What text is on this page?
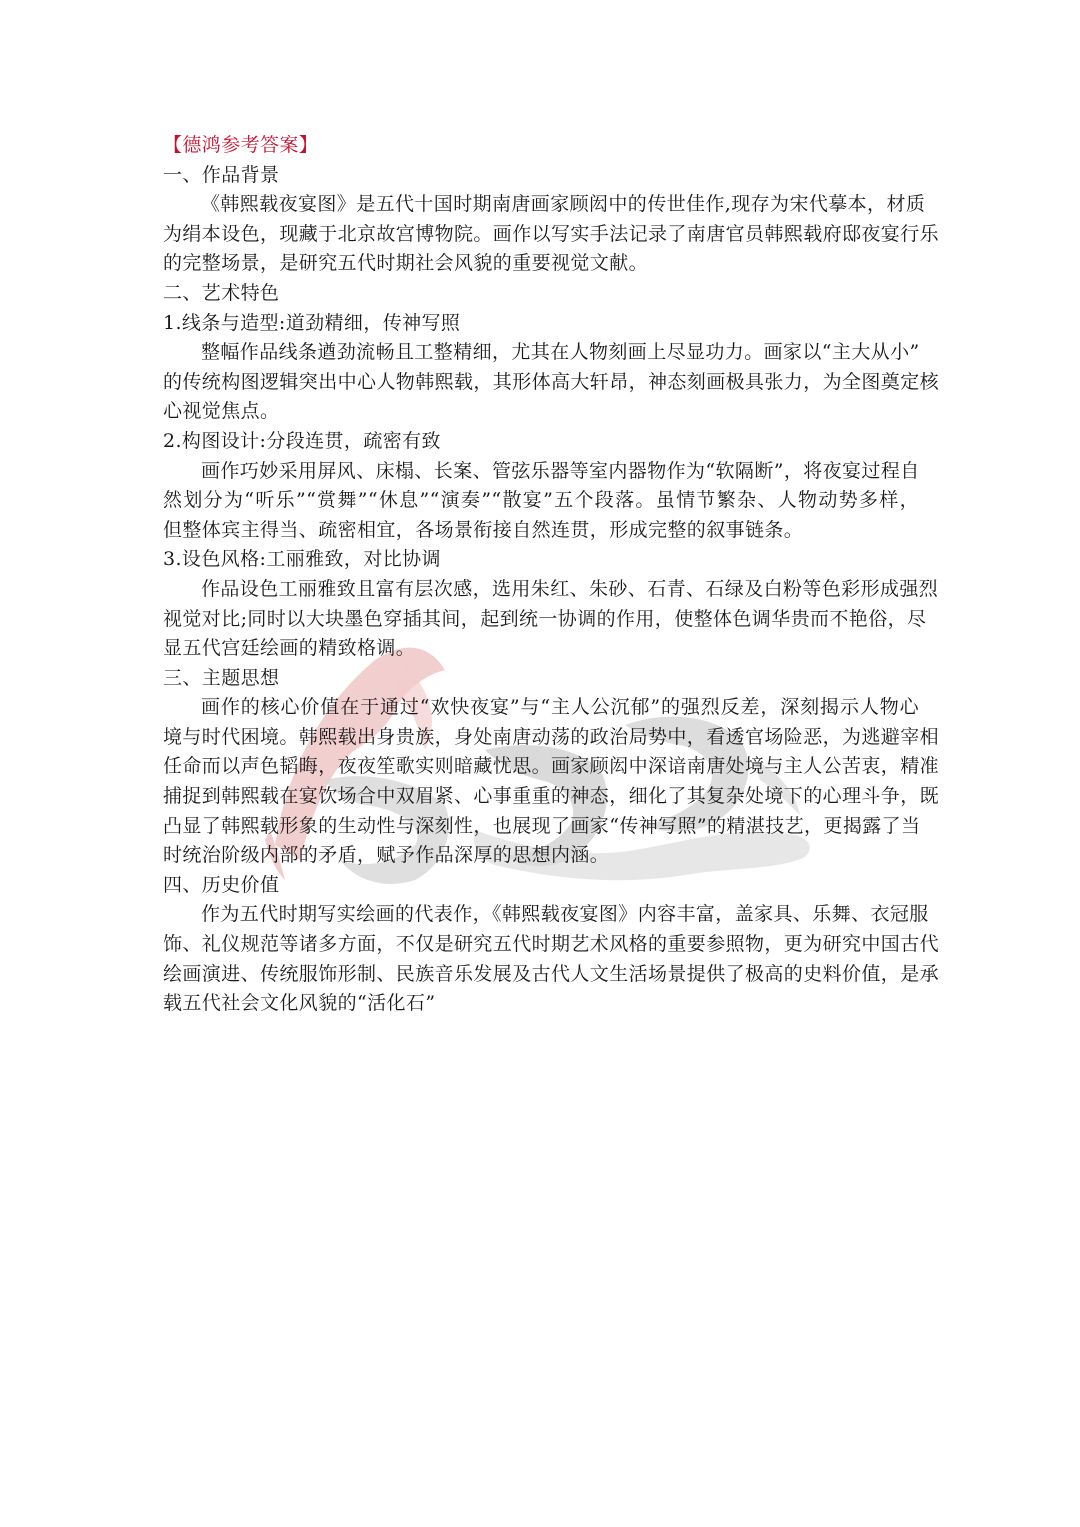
【德鸿参考答案】
一、作品背景
《韩熙载夜宴图》是五代十国时期南唐画家顾闳中的传世佳作,现存为宋代摹本，材质
为绢本设色，现藏于北京故宫博物院。画作以写实手法记录了南唐官员韩熙载府邸夜宴行乐
的完整场景，是研究五代时期社会风貌的重要视觉文献。
二、艺术特色
1.线条与造型:道劲精细，传神写照
整幅作品线条遒劲流畅且工整精细，尤其在人物刻画上尽显功力。画家以“主大从小”
的传统构图逻辑突出中心人物韩熙载，其形体高大轩昂，神态刻画极具张力，为全图奠定核
心视觉焦点。
2.构图设计:分段连贯，疏密有致
画作巧妙采用屏风、床榻、长案、管弦乐器等室内器物作为“软隔断”，将夜宴过程自
然划分为“听乐”“赏舞”“休息”“演奏”“散宴”五个段落。虽情节繁杂、人物动势多样，
但整体宾主得当、疏密相宜，各场景衔接自然连贯，形成完整的叙事链条。
3.设色风格:工丽雅致，对比协调
作品设色工丽雅致且富有层次感，选用朱红、朱砂、石青、石绿及白粉等色彩形成强烈
视觉对比;同时以大块墨色穿插其间，起到统一协调的作用，使整体色调华贵而不艳俗，尽
显五代宫廷绘画的精致格调。
三、主题思想
画作的核心价值在于通过“欢快夜宴”与“主人公沉郁”的强烈反差，深刻揭示人物心
境与时代困境。韩熙载出身贵族，身处南唐动荡的政治局势中，看透官场险恶，为逃避宰相
任命而以声色韬晦，夜夜笙歌实则暗藏忧思。画家顾闳中深谙南唐处境与主人公苦衷，精准
捕捉到韩熙载在宴饮场合中双眉紧、心事重重的神态，细化了其复杂处境下的心理斗争，既
凸显了韩熙载形象的生动性与深刻性，也展现了画家“传神写照”的精湛技艺，更揭露了当
时统治阶级内部的矛盾，赋予作品深厚的思想内涵。
四、历史价值
作为五代时期写实绘画的代表作，《韩熙载夜宴图》内容丰富，盖家具、乐舞、衣冠服
饰、礼仪规范等诸多方面，不仅是研究五代时期艺术风格的重要参照物，更为研究中国古代
绘画演进、传统服饰形制、民族音乐发展及古代人文生活场景提供了极高的史料价值，是承
载五代社会文化风貌的“活化石”
